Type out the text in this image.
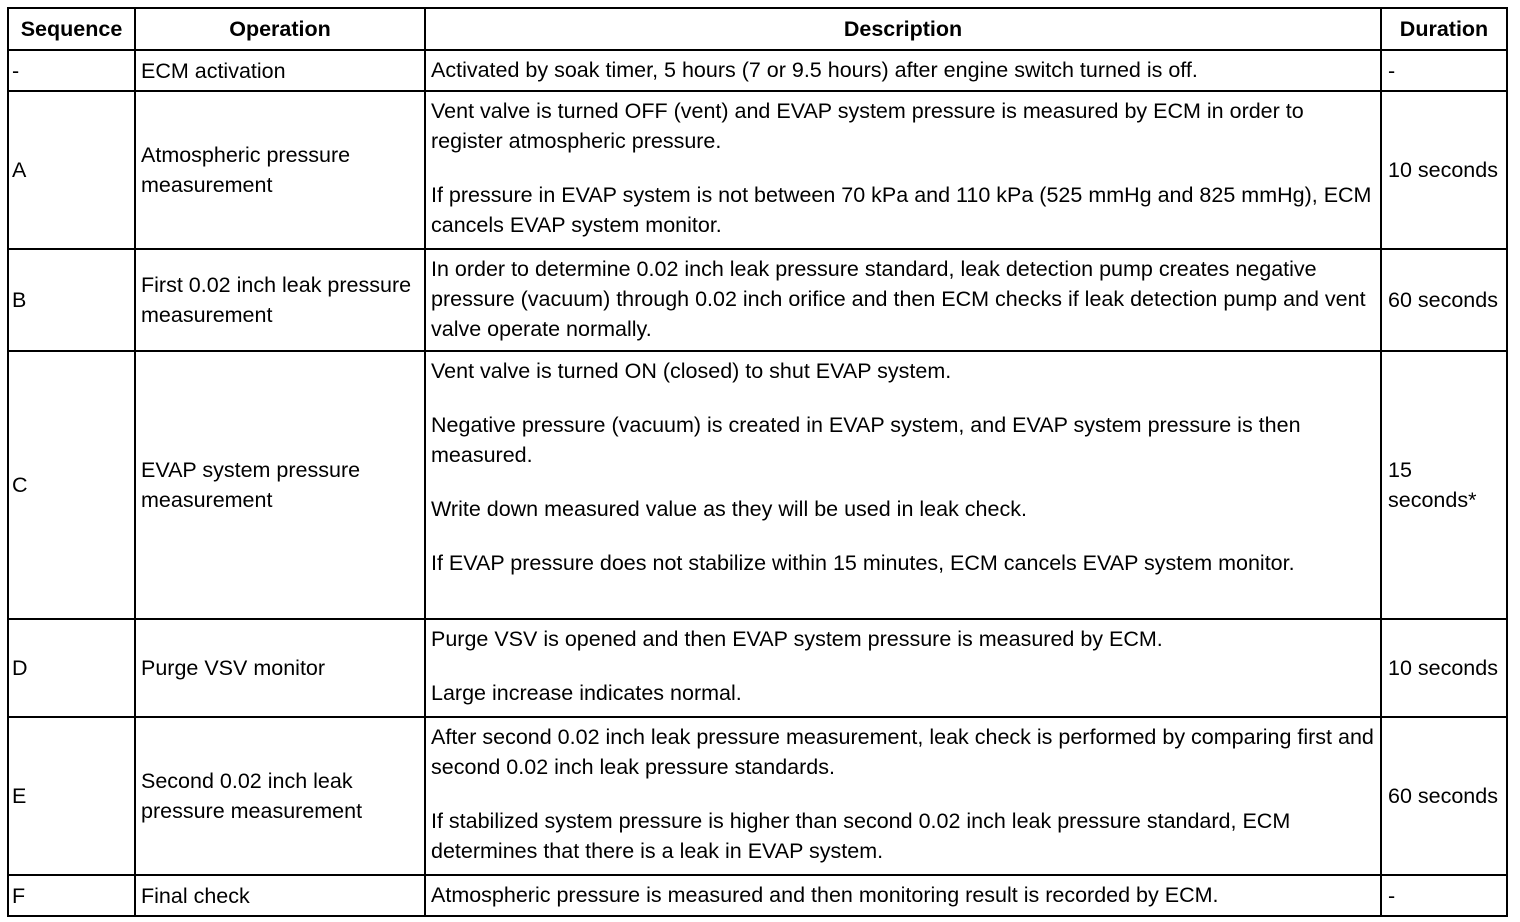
Sequence	Operation	Description	Duration
-	ECM activation	Activated by soak timer, 5 hours (7 or 9.5 hours) after engine switch turned is off.	-
A	Atmospheric pressure measurement	Vent valve is turned OFF (vent) and EVAP system pressure is measured by ECM in order to register atmospheric pressure.

If pressure in EVAP system is not between 70 kPa and 110 kPa (525 mmHg and 825 mmHg), ECM cancels EVAP system monitor.	10 seconds
B	First 0.02 inch leak pressure measurement	In order to determine 0.02 inch leak pressure standard, leak detection pump creates negative pressure (vacuum) through 0.02 inch orifice and then ECM checks if leak detection pump and vent valve operate normally.	60 seconds
C	EVAP system pressure measurement	Vent valve is turned ON (closed) to shut EVAP system.

Negative pressure (vacuum) is created in EVAP system, and EVAP system pressure is then measured.

Write down measured value as they will be used in leak check.

If EVAP pressure does not stabilize within 15 minutes, ECM cancels EVAP system monitor.	15 seconds*
D	Purge VSV monitor	Purge VSV is opened and then EVAP system pressure is measured by ECM.

Large increase indicates normal.	10 seconds
E	Second 0.02 inch leak pressure measurement	After second 0.02 inch leak pressure measurement, leak check is performed by comparing first and second 0.02 inch leak pressure standards.

If stabilized system pressure is higher than second 0.02 inch leak pressure standard, ECM determines that there is a leak in EVAP system.	60 seconds
F	Final check	Atmospheric pressure is measured and then monitoring result is recorded by ECM.	-
